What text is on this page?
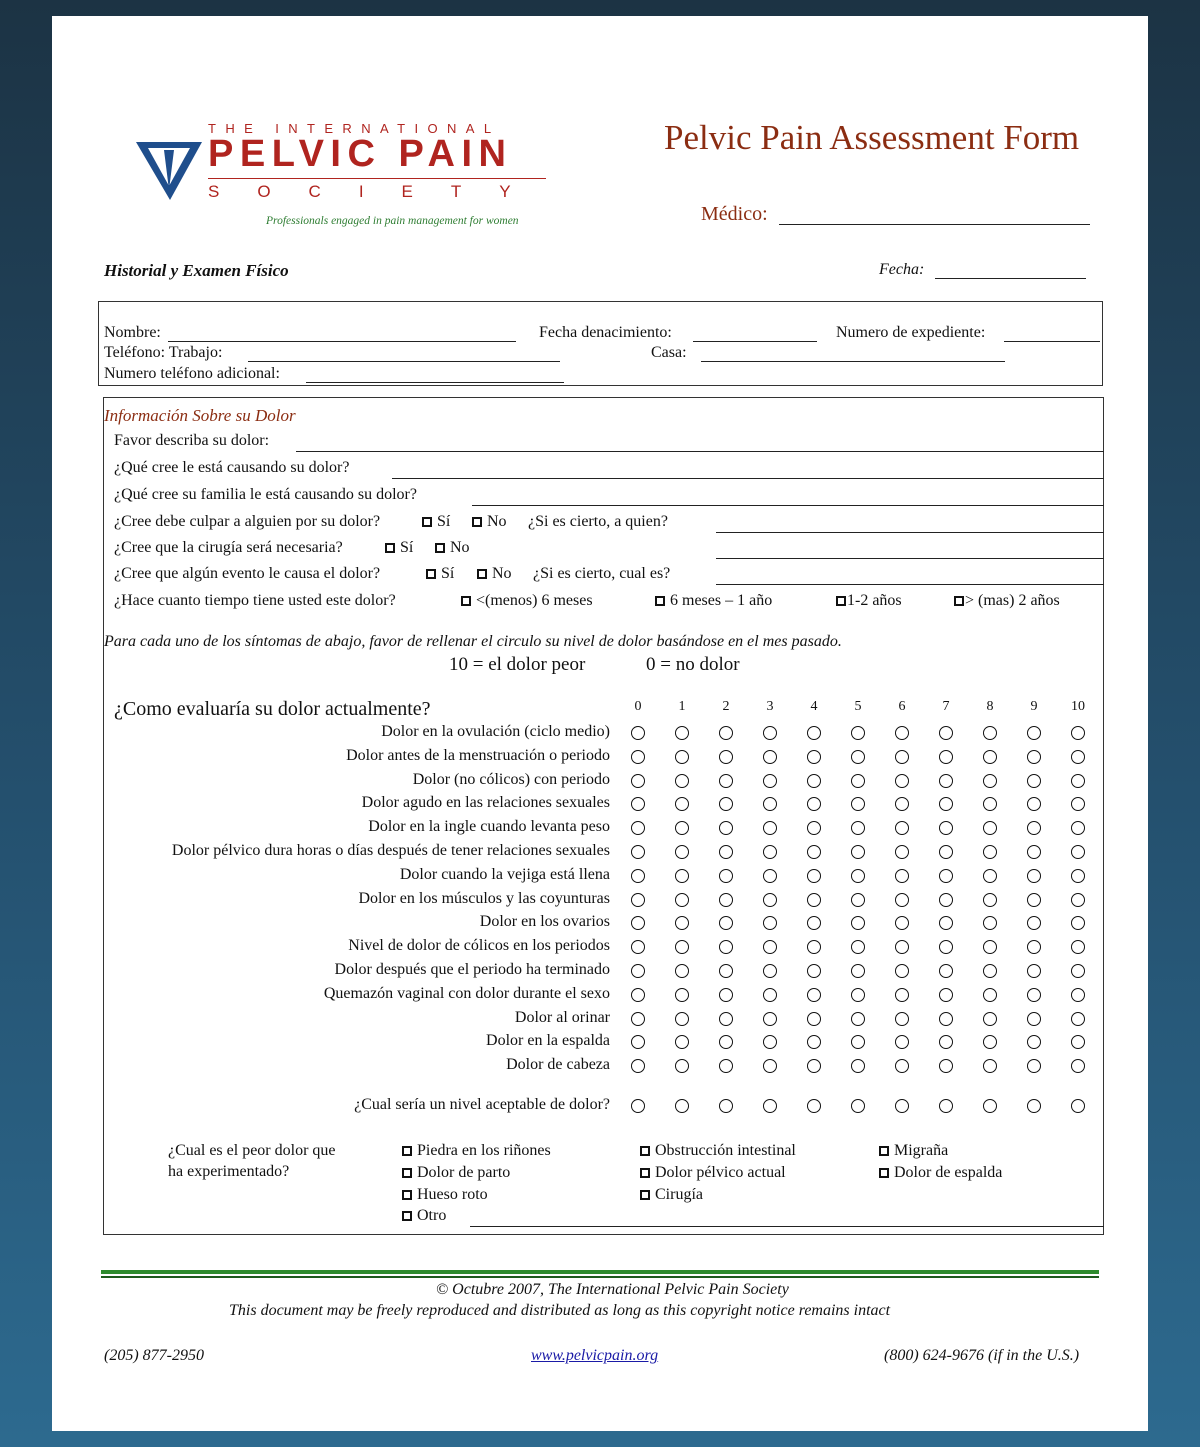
THE INTERNATIONAL
PELVIC PAIN
SOCIETY
Professionals engaged in pain management for women
Pelvic Pain Assessment Form
Médico:
Historial y Examen Físico	Fecha:
Nombre:	Fecha denacimiento:	Numero de expediente:
Teléfono: Trabajo:	Casa:
Numero teléfono adicional:
Información Sobre su Dolor
Favor describa su dolor:
¿Qué cree le está causando su dolor?
¿Qué cree su familia le está causando su dolor?
¿Cree debe culpar a alguien por su dolor?	Sí	No ¿Si es cierto, a quien?
¿Cree que la cirugía será necesaria?	Sí	No
¿Cree que algún evento le causa el dolor?	Sí	No ¿Si es cierto, cual es?
¿Hace cuanto tiempo tiene usted este dolor?	<(menos) 6 meses	6 meses – 1 año	1-2 años	> (mas) 2 años
Para cada uno de los síntomas de abajo, favor de rellenar el circulo su nivel de dolor basándose en el mes pasado.
10 = el dolor peor	0 = no dolor
¿Como evaluaría su dolor actualmente?	0	1	2	3	4	5	6	7	8	9	10
Dolor en la ovulación (ciclo medio)
Dolor antes de la menstruación o periodo
Dolor (no cólicos) con periodo
Dolor agudo en las relaciones sexuales
Dolor en la ingle cuando levanta peso
Dolor pélvico dura horas o días después de tener relaciones sexuales
Dolor cuando la vejiga está llena
Dolor en los músculos y las coyunturas
Dolor en los ovarios
Nivel de dolor de cólicos en los periodos
Dolor después que el periodo ha terminado
Quemazón vaginal con dolor durante el sexo
Dolor al orinar
Dolor en la espalda
Dolor de cabeza
¿Cual sería un nivel aceptable de dolor?
¿Cual es el peor dolor que
ha experimentado?
Piedra en los riñones
Dolor de parto
Hueso roto
Otro
Obstrucción intestinal
Dolor pélvico actual
Cirugía
Migraña
Dolor de espalda
© Octubre 2007, The International Pelvic Pain Society
This document may be freely reproduced and distributed as long as this copyright notice remains intact
(205) 877-2950	www.pelvicpain.org	(800) 624-9676 (if in the U.S.)
